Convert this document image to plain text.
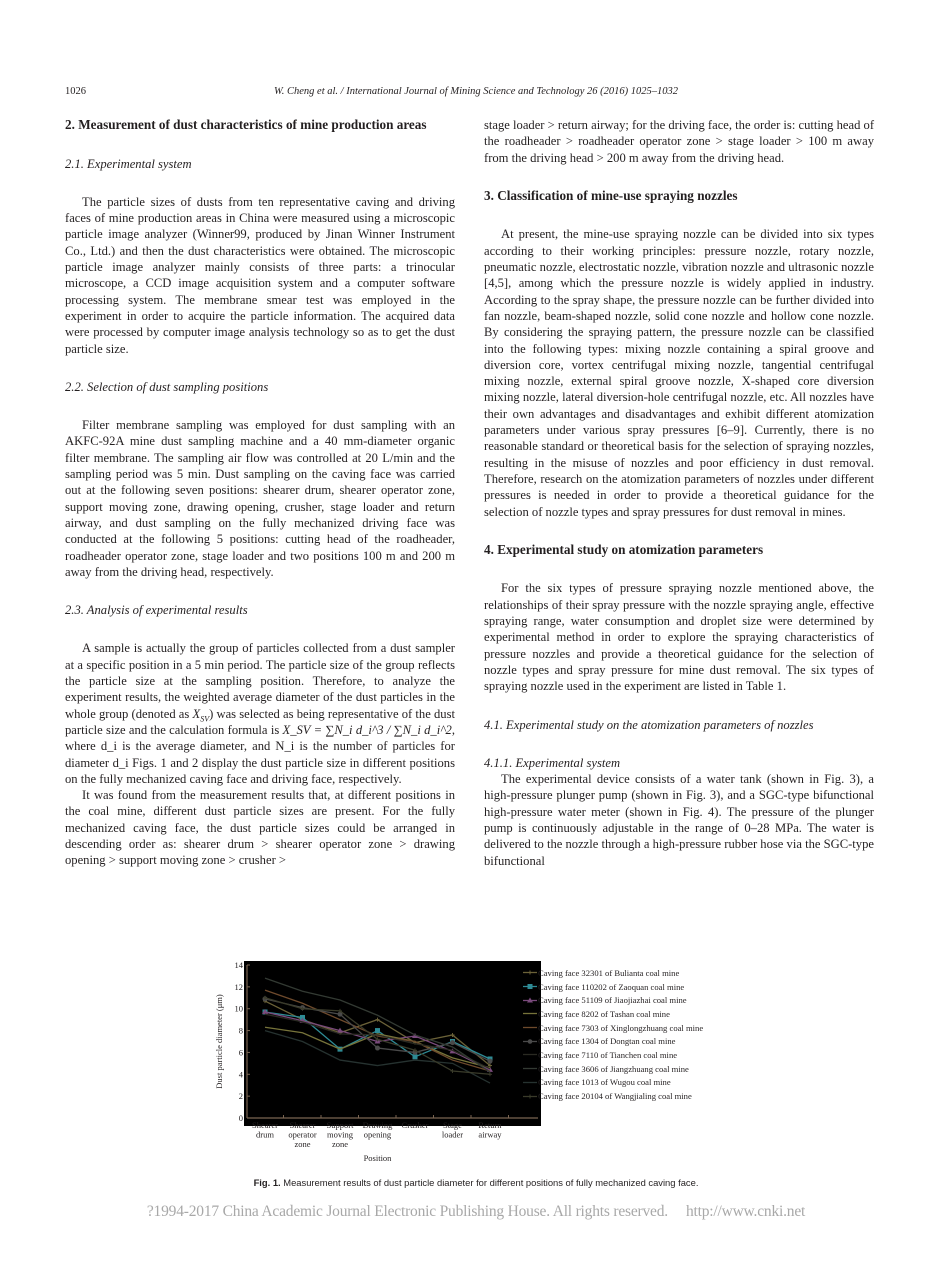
1026	W. Cheng et al. / International Journal of Mining Science and Technology 26 (2016) 1025–1032
2. Measurement of dust characteristics of mine production areas

2.1. Experimental system

The particle sizes of dusts from ten representative caving and driving faces of mine production areas in China were measured using a microscopic particle image analyzer (Winner99, produced by Jinan Winner Instrument Co., Ltd.) and then the dust characteristics were obtained. The microscopic particle image analyzer mainly consists of three parts: a trinocular microscope, a CCD image acquisition system and a computer software processing system. The membrane smear test was employed in the experiment in order to acquire the particle information. The acquired data were processed by computer image analysis technology so as to get the dust particle size.

2.2. Selection of dust sampling positions

Filter membrane sampling was employed for dust sampling with an AKFC-92A mine dust sampling machine and a 40 mm-diameter organic filter membrane. The sampling air flow was controlled at 20 L/min and the sampling period was 5 min. Dust sampling on the caving face was carried out at the following seven positions: shearer drum, shearer operator zone, support moving zone, drawing opening, crusher, stage loader and return airway, and dust sampling on the fully mechanized driving face was conducted at the following 5 positions: cutting head of the roadheader, roadheader operator zone, stage loader and two positions 100 m and 200 m away from the driving head, respectively.

2.3. Analysis of experimental results

A sample is actually the group of particles collected from a dust sampler at a specific position in a 5 min period. The particle size of the group reflects the particle size at the sampling position. Therefore, to analyze the experiment results, the weighted average diameter of the dust particles in the whole group (denoted as $X_{SV}$) was selected as being representative of the dust particle size and the calculation formula is X_SV = ∑N_i d_i^3 / ∑N_i d_i^2, where d_i is the average diameter, and N_i is the number of particles for diameter d_i Figs. 1 and 2 display the dust particle size in different positions on the fully mechanized caving face and driving face, respectively.

It was found from the measurement results that, at different positions in the coal mine, different dust particle sizes are present. For the fully mechanized caving face, the dust particle sizes could be arranged in descending order as: shearer drum > shearer operator zone > drawing opening > support moving zone > crusher >

stage loader > return airway; for the driving face, the order is: cutting head of the roadheader > roadheader operator zone > stage loader > 100 m away from the driving head > 200 m away from the driving head.

3. Classification of mine-use spraying nozzles

At present, the mine-use spraying nozzle can be divided into six types according to their working principles: pressure nozzle, rotary nozzle, pneumatic nozzle, electrostatic nozzle, vibration nozzle and ultrasonic nozzle [4,5], among which the pressure nozzle is widely applied in industry. According to the spray shape, the pressure nozzle can be further divided into fan nozzle, beam-shaped nozzle, solid cone nozzle and hollow cone nozzle. By considering the spraying pattern, the pressure nozzle can be classified into the following types: mixing nozzle containing a spiral groove and diversion core, vortex centrifugal mixing nozzle, tangential centrifugal mixing nozzle, external spiral groove nozzle, X-shaped core diversion mixing nozzle, lateral diversion-hole centrifugal nozzle, etc. All nozzles have their own advantages and disadvantages and exhibit different atomization parameters under various spray pressures [6–9]. Currently, there is no reasonable standard or theoretical basis for the selection of spraying nozzles, resulting in the misuse of nozzles and poor efficiency in dust removal. Therefore, research on the atomization parameters of nozzles under different pressures is needed in order to provide a theoretical guidance for the selection of nozzle types and spray pressures for dust removal in mines.

4. Experimental study on atomization parameters

For the six types of pressure spraying nozzle mentioned above, the relationships of their spray pressure with the nozzle spraying angle, effective spraying range, water consumption and droplet size were determined by experimental method in order to explore the spraying characteristics of pressure nozzles and provide a theoretical guidance for the selection of nozzle types and spray pressure for mine dust removal. The six types of spraying nozzle used in the experiment are listed in Table 1.

4.1. Experimental study on the atomization parameters of nozzles

4.1.1. Experimental system

The experimental device consists of a water tank (shown in Fig. 3), a high-pressure plunger pump (shown in Fig. 3), and a SGC-type bifunctional high-pressure water meter (shown in Fig. 4). The pressure of the plunger pump is continuously adjustable in the range of 0–28 MPa. The water is delivered to the nozzle through a high-pressure rubber hose via the SGC-type bifunctional

0
2
4
6
8
10
12
14
Shearer
drum
Shearer
operator
zone
Support
moving
zone
Drawing
opening
Crusher Stage
loader
Return
airway
Position
Dust particle diameter (μm)
Caving face 32301 of Bulianta coal mine
Caving face 110202 of Zaoquan coal mine
Caving face 51109 of Jiaojiazhai coal mine
Caving face 8202 of Tashan coal mine
Caving face 7303 of Xinglongzhuang coal mine
Caving face 1304 of Dongtan coal mine
Caving face 7110 of Tianchen coal mine
Caving face 3606 of Jiangzhuang coal mine
Caving face 1013 of Wugou coal mine
Caving face 20104 of Wangjialing coal mine
Fig. 1. Measurement results of dust particle diameter for different positions of fully mechanized caving face.
?1994-2017 China Academic Journal Electronic Publishing House. All rights reserved. http://www.cnki.net
